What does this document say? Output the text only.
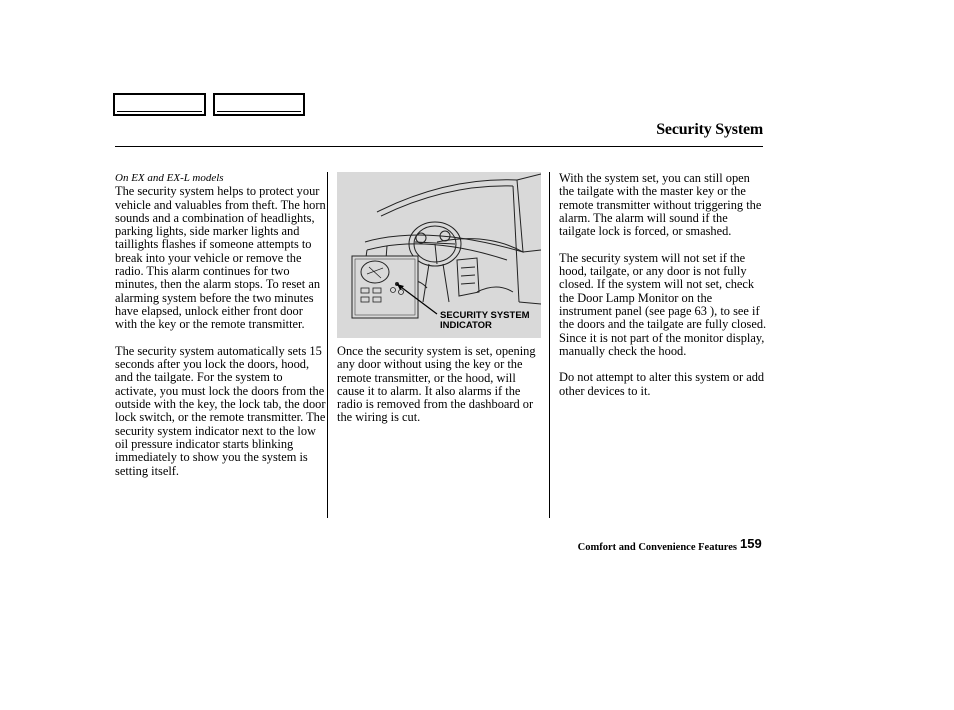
Security System

On EX and EX-L models

The security system helps to protect your vehicle and valuables from theft. The horn sounds and a combination of headlights, parking lights, side marker lights and taillights flashes if someone attempts to break into your vehicle or remove the radio. This alarm continues for two minutes, then the alarm stops. To reset an alarming system before the two minutes have elapsed, unlock either front door with the key or the remote transmitter.

The security system automatically sets 15 seconds after you lock the doors, hood, and the tailgate. For the system to activate, you must lock the doors from the outside with the key, the lock tab, the door lock switch, or the remote transmitter. The security system indicator next to the low oil pressure indicator starts blinking immediately to show you the system is setting itself.

SECURITY SYSTEM
INDICATOR

Once the security system is set, opening any door without using the key or the remote transmitter, or the hood, will cause it to alarm. It also alarms if the radio is removed from the dashboard or the wiring is cut.

With the system set, you can still open the tailgate with the master key or the remote transmitter without triggering the alarm. The alarm will sound if the tailgate lock is forced, or smashed.

The security system will not set if the hood, tailgate, or any door is not fully closed. If the system will not set, check the Door Lamp Monitor on the instrument panel (see page 63 ), to see if the doors and the tailgate are fully closed. Since it is not part of the monitor display, manually check the hood.

Do not attempt to alter this system or add other devices to it.

Comfort and Convenience Features 159
